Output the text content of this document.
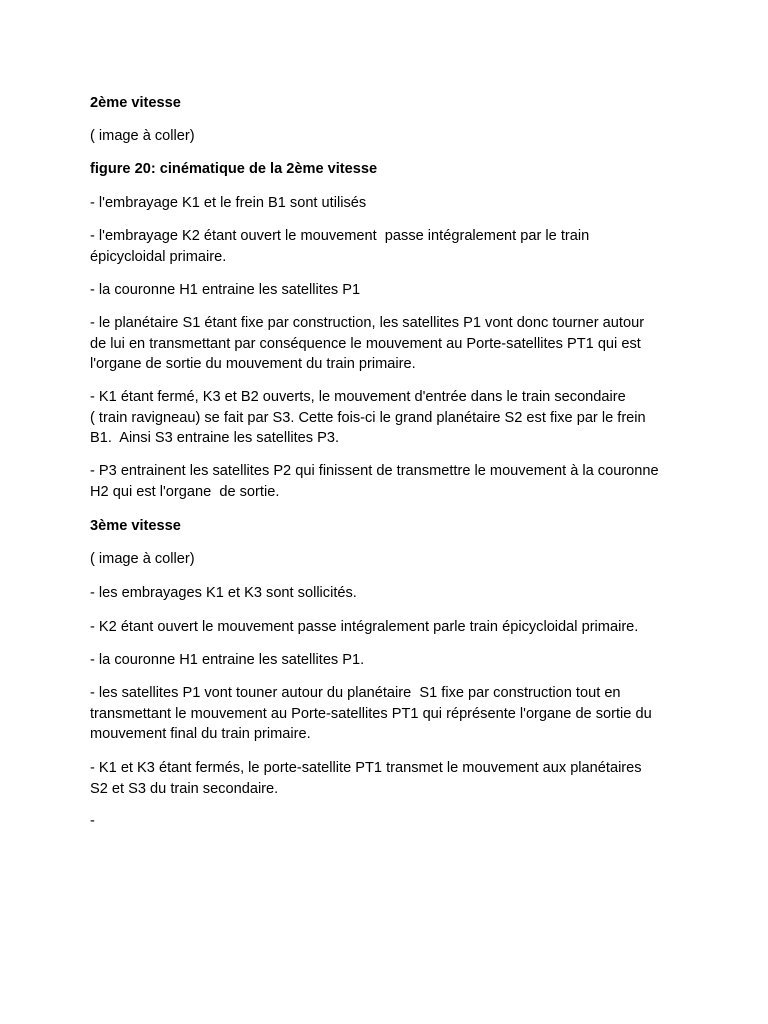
2ème vitesse

( image à coller)

figure 20: cinématique de la 2ème vitesse

- l'embrayage K1 et le frein B1 sont utilisés

- l'embrayage K2 étant ouvert le mouvement  passe intégralement par le train
épicycloidal primaire.

- la couronne H1 entraine les satellites P1

- le planétaire S1 étant fixe par construction, les satellites P1 vont donc tourner autour
de lui en transmettant par conséquence le mouvement au Porte-satellites PT1 qui est
l'organe de sortie du mouvement du train primaire.

- K1 étant fermé, K3 et B2 ouverts, le mouvement d'entrée dans le train secondaire
( train ravigneau) se fait par S3. Cette fois-ci le grand planétaire S2 est fixe par le frein
B1.  Ainsi S3 entraine les satellites P3.

- P3 entrainent les satellites P2 qui finissent de transmettre le mouvement à la couronne
H2 qui est l'organe  de sortie.

3ème vitesse

( image à coller)

- les embrayages K1 et K3 sont sollicités.

- K2 étant ouvert le mouvement passe intégralement parle train épicycloidal primaire.

- la couronne H1 entraine les satellites P1.

- les satellites P1 vont touner autour du planétaire  S1 fixe par construction tout en
transmettant le mouvement au Porte-satellites PT1 qui réprésente l'organe de sortie du
mouvement final du train primaire.

- K1 et K3 étant fermés, le porte-satellite PT1 transmet le mouvement aux planétaires
S2 et S3 du train secondaire.

-
